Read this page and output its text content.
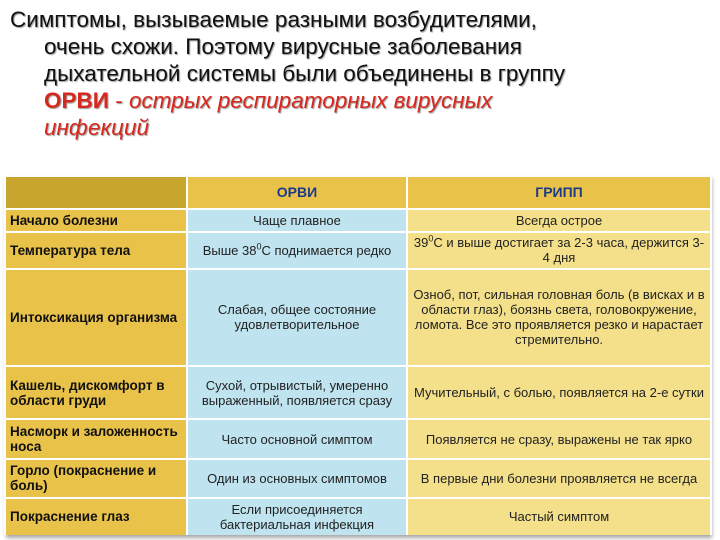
Симптомы, вызываемые разными возбудителями,
очень схожи. Поэтому вирусные заболевания
дыхательной системы были объединены в группу
ОРВИ - острых респираторных вирусных
инфекций
	ОРВИ	ГРИПП
Начало болезни	Чаще плавное	Всегда острое
Температура тела	Выше $38^0С$ поднимается редко	$39^0С$ и выше достигает за 2-3 часа, держится 3-4 дня
Интоксикация организма	Слабая, общее состояние удовлетворительное	Озноб, пот, сильная головная боль (в висках и в области глаз), боязнь света, головокружение, ломота. Все это проявляется резко и нарастает стремительно.
Кашель, дискомфорт в области груди	Сухой, отрывистый, умеренно выраженный, появляется сразу	Мучительный, с болью, появляется на 2-е сутки
Насморк и заложенность носа	Часто основной симптом	Появляется не сразу, выражены не так ярко
Горло (покраснение и боль)	Один из основных симптомов	В первые дни болезни проявляется не всегда
Покраснение глаз	Если присоединяется бактериальная инфекция	Частый симптом
